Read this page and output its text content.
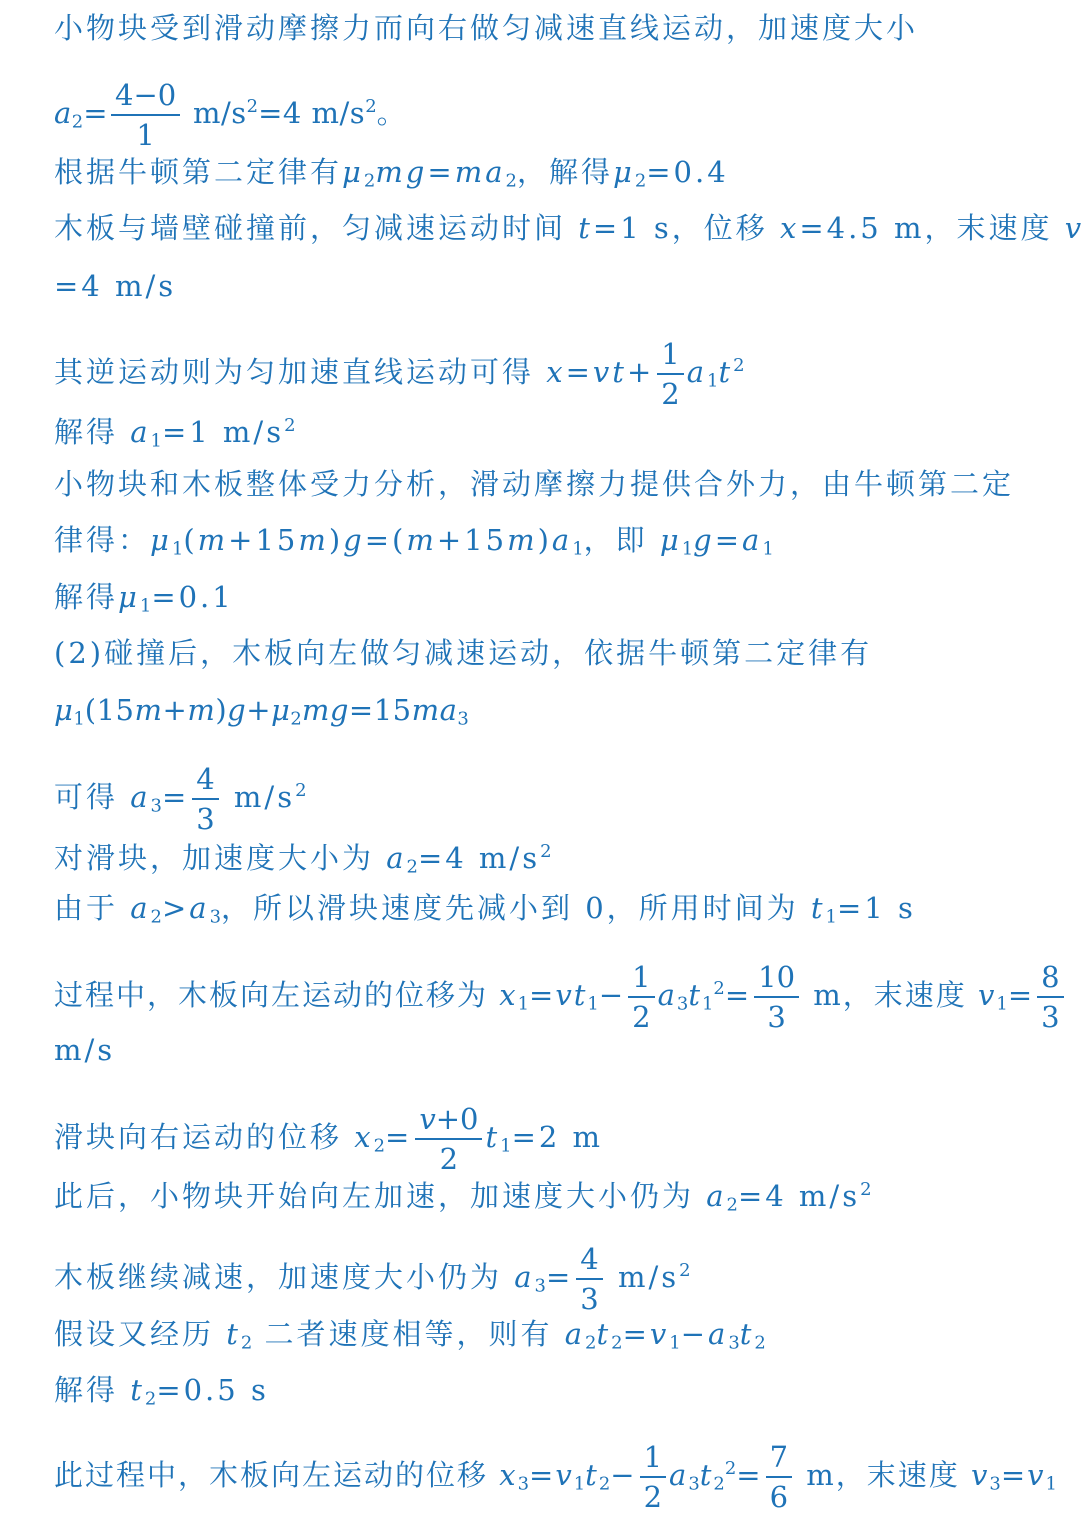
小物块受到滑动摩擦力而向右做匀减速直线运动，加速度大小
$a_2= \frac{4-0}{1} m/s^2=4$ $m/s^2$。
根据牛顿第二定律有$\mu_2mg=ma_2$，解得$\mu_2=0.4$
木板与墙壁碰撞前，匀减速运动时间 t=1 s，位移 x=4.5 m，末速度 v
=4 m/s
其逆运动则为匀加速直线运动可得 $x=vt+ \frac{1}{2} a_1t^2$
解得 $a_1=1$ $m/s^2$
小物块和木板整体受力分析，滑动摩擦力提供合外力，由牛顿第二定
律得：$\mu_1(m+15m)g=(m+15m)a_1$，即 $\mu_1g=a_1$
解得$\mu_1=0.1$
(2)碰撞后，木板向左做匀减速运动，依据牛顿第二定律有
$\mu_1(15m+m)g+\mu_2mg=15ma_3$
可得 $a_3= \frac{4}{3} m/s^2$
对滑块，加速度大小为 $a_2=4$ $m/s^2$
由于 $a_2>a_3$，所以滑块速度先减小到 0，所用时间为 $t_1=1$ s
过程中，木板向左运动的位移为 $x_1=vt_1- \frac{1}{2} a_3t_1^2= \frac{10}{3}$ m，末速度 $v_1= \frac{8}{3}$
m/s
滑块向右运动的位移 $x_2= \frac{v+0}{2} t_1=2$ m
此后，小物块开始向左加速，加速度大小仍为 $a_2=4$ $m/s^2$
木板继续减速，加速度大小仍为 $a_3= \frac{4}{3} m/s^2$
假设又经历 $t_2$ 二者速度相等，则有 $a_2t_2=v_1-a_3t_2$
解得 $t_2=0.5$ s
此过程中，木板向左运动的位移 $x_3=v_1t_2- \frac{1}{2} a_3t_2^2= \frac{7}{6}$ m，末速度 $v_3=v_1$
